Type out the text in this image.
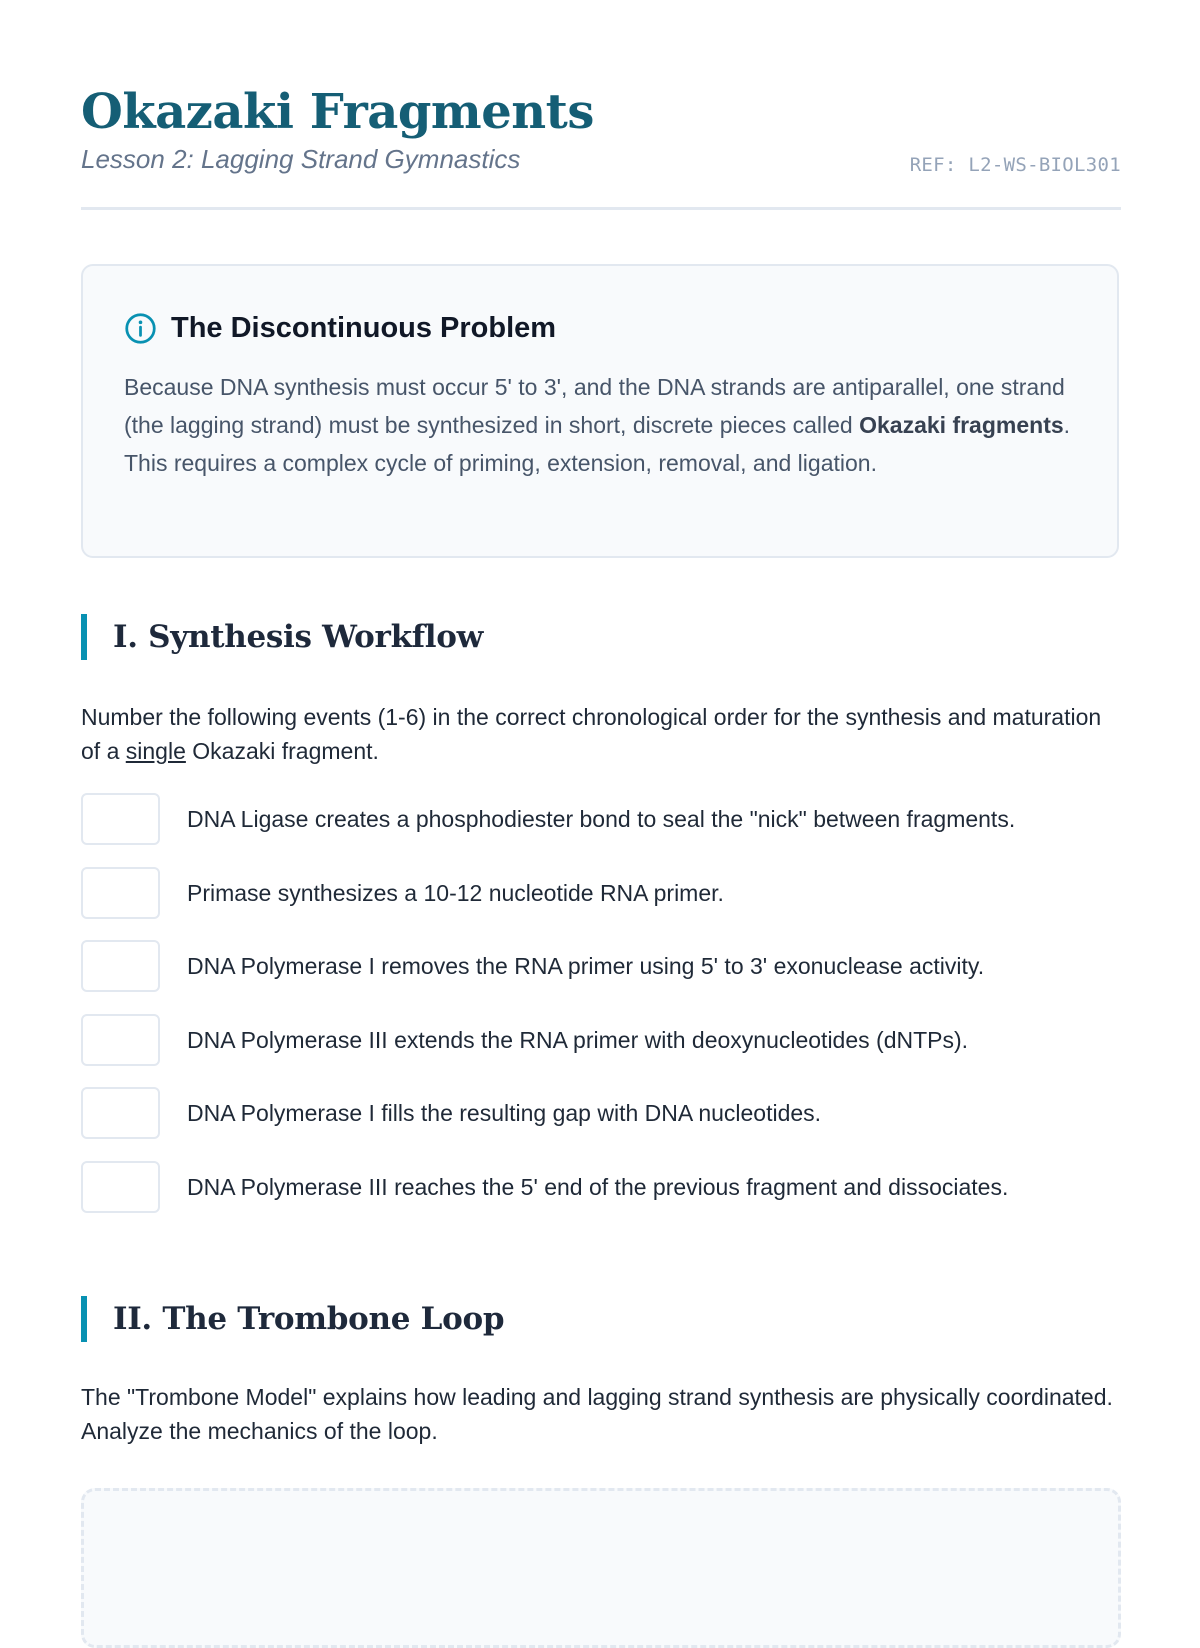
Okazaki Fragments
Lesson 2: Lagging Strand Gymnastics	REF: L2-WS-BIOL301
The Discontinuous Problem

Because DNA synthesis must occur 5' to 3', and the DNA strands are antiparallel, one strand (the lagging strand) must be synthesized in short, discrete pieces called Okazaki fragments. This requires a complex cycle of priming, extension, removal, and ligation.

I. Synthesis Workflow

Number the following events (1-6) in the correct chronological order for the synthesis and maturation of a single Okazaki fragment.

DNA Ligase creates a phosphodiester bond to seal the "nick" between fragments.
Primase synthesizes a 10-12 nucleotide RNA primer.
DNA Polymerase I removes the RNA primer using 5' to 3' exonuclease activity.
DNA Polymerase III extends the RNA primer with deoxynucleotides (dNTPs).
DNA Polymerase I fills the resulting gap with DNA nucleotides.
DNA Polymerase III reaches the 5' end of the previous fragment and dissociates.
II. The Trombone Loop

The "Trombone Model" explains how leading and lagging strand synthesis are physically coordinated. Analyze the mechanics of the loop.
